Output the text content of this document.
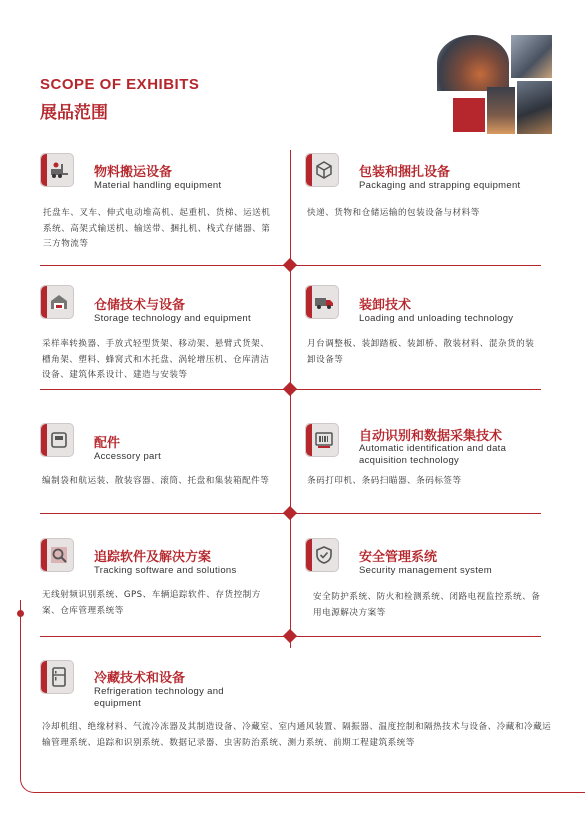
SCOPE OF EXHIBITS
展品范围
物料搬运设备
Material handling equipment
托盘车、叉车、伸式电动堆高机、起重机、货梯、运送机系统、高架式输送机、输送带、捆扎机、栈式存储器、第三方物流等
包装和捆扎设备
Packaging and strapping equipment
快递、货物和仓储运输的包装设备与材料等
仓储技术与设备
Storage technology and equipment
采样率转换器、手放式轻型货架、移动架、悬臂式货架、槽角架、塑料、蜂窝式和木托盘、涡轮增压机、仓库清洁设备、建筑体系设计、建造与安装等
装卸技术
Loading and unloading technology
月台调整板、装卸踏板、装卸桥、散装材料、混杂货的装卸设备等
配件
Accessory part
编制袋和航运装、散装容器、滚筒、托盘和集装箱配件等
自动识别和数据采集技术
Automatic identification and data acquisition technology
条码打印机、条码扫瞄器、条码标签等
追踪软件及解决方案
Tracking software and solutions
无线射频识别系统、GPS、车辆追踪软件、存货控制方案、仓库管理系统等
安全管理系统
Security management system
安全防护系统、防火和检测系统、闭路电视监控系统、备用电源解决方案等
冷藏技术和设备
Refrigeration technology and equipment
冷却机组、绝缘材料、气流冷冻器及其制造设备、冷藏室、室内通风装置、隔振器、温度控制和隔热技术与设备、冷藏和冷藏运输管理系统、追踪和识别系统、数据记录器、虫害防治系统、测力系统、前期工程建筑系统等
